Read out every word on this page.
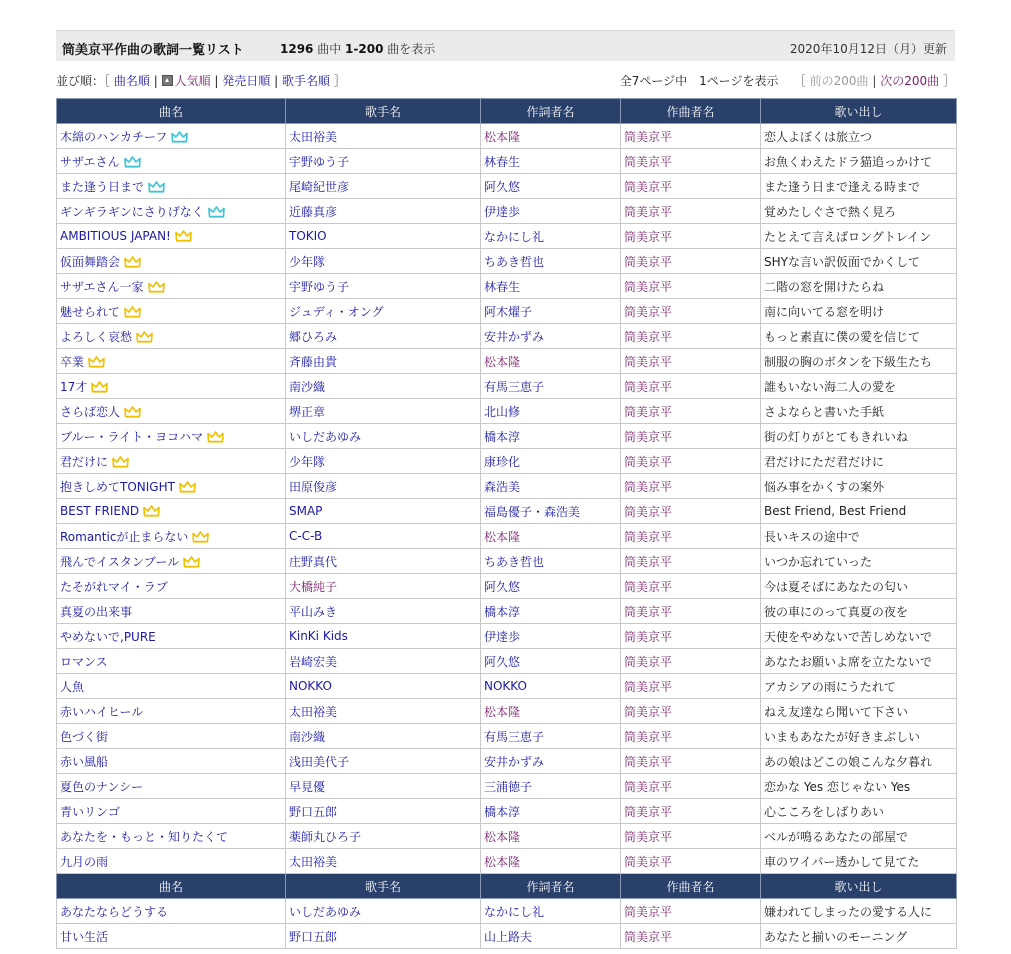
筒美京平作曲の歌詞一覧リスト	1296 曲中 1-200 曲を表示	2020年10月12日（月）更新
並び順：［ 曲名順 | 人気順 | 発売日順 | 歌手名順 ］	全7ページ中　1ページを表示 ［ 前の200曲 | 次の200曲 ］
曲名	歌手名	作詞者名	作曲者名	歌い出し
木綿のハンカチーフ	太田裕美	松本隆	筒美京平	恋人よぼくは旅立つ
サザエさん	宇野ゆう子	林春生	筒美京平	お魚くわえたドラ猫追っかけて
また逢う日まで	尾崎紀世彦	阿久悠	筒美京平	また逢う日まで逢える時まで
ギンギラギンにさりげなく	近藤真彦	伊達歩	筒美京平	覚めたしぐさで熱く見ろ
AMBITIOUS JAPAN!	TOKIO	なかにし礼	筒美京平	たとえて言えばロングトレイン
仮面舞踏会	少年隊	ちあき哲也	筒美京平	SHYな言い訳仮面でかくして
サザエさん一家	宇野ゆう子	林春生	筒美京平	二階の窓を開けたらね
魅せられて	ジュディ・オング	阿木燿子	筒美京平	南に向いてる窓を明け
よろしく哀愁	郷ひろみ	安井かずみ	筒美京平	もっと素直に僕の愛を信じて
卒業	斉藤由貴	松本隆	筒美京平	制服の胸のボタンを下級生たち
17才	南沙織	有馬三恵子	筒美京平	誰もいない海二人の愛を
さらば恋人	堺正章	北山修	筒美京平	さよならと書いた手紙
ブルー・ライト・ヨコハマ	いしだあゆみ	橋本淳	筒美京平	街の灯りがとてもきれいね
君だけに	少年隊	康珍化	筒美京平	君だけにただ君だけに
抱きしめてTONIGHT	田原俊彦	森浩美	筒美京平	悩み事をかくすの案外
BEST FRIEND	SMAP	福島優子・森浩美	筒美京平	Best Friend, Best Friend
Romanticが止まらない	C-C-B	松本隆	筒美京平	長いキスの途中で
飛んでイスタンブール	庄野真代	ちあき哲也	筒美京平	いつか忘れていった
たそがれマイ・ラブ	大橋純子	阿久悠	筒美京平	今は夏そばにあなたの匂い
真夏の出来事	平山みき	橋本淳	筒美京平	彼の車にのって真夏の夜を
やめないで,PURE	KinKi Kids	伊達歩	筒美京平	天使をやめないで苦しめないで
ロマンス	岩崎宏美	阿久悠	筒美京平	あなたお願いよ席を立たないで
人魚	NOKKO	NOKKO	筒美京平	アカシアの雨にうたれて
赤いハイヒール	太田裕美	松本隆	筒美京平	ねえ友達なら聞いて下さい
色づく街	南沙織	有馬三恵子	筒美京平	いまもあなたが好きまぶしい
赤い風船	浅田美代子	安井かずみ	筒美京平	あの娘はどこの娘こんな夕暮れ
夏色のナンシー	早見優	三浦徳子	筒美京平	恋かな Yes 恋じゃない Yes
青いリンゴ	野口五郎	橋本淳	筒美京平	心こころをしばりあい
あなたを・もっと・知りたくて	薬師丸ひろ子	松本隆	筒美京平	ベルが鳴るあなたの部屋で
九月の雨	太田裕美	松本隆	筒美京平	車のワイパー透かして見てた
曲名	歌手名	作詞者名	作曲者名	歌い出し
あなたならどうする	いしだあゆみ	なかにし礼	筒美京平	嫌われてしまったの愛する人に
甘い生活	野口五郎	山上路夫	筒美京平	あなたと揃いのモーニング
